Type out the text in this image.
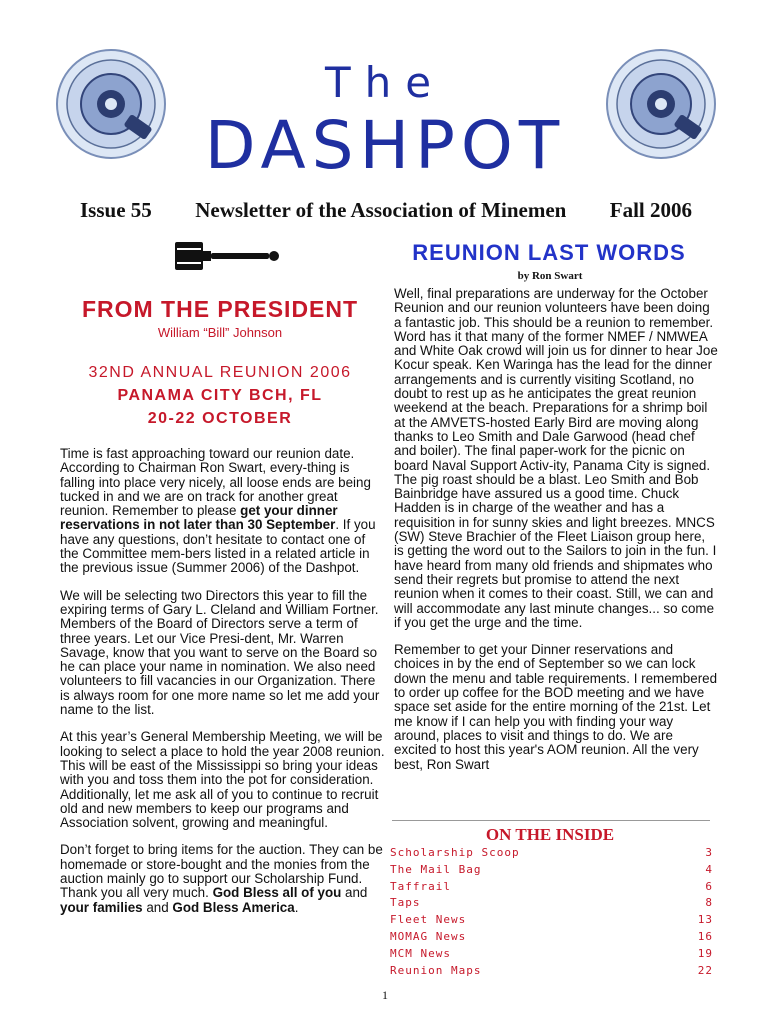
The
DASHPOT
Issue 55 Newsletter of the Association of Minemen Fall 2006
REUNION LAST WORDS
by Ron Swart

Well, final preparations are underway for the October Reunion and our reunion volunteers have been doing a fantastic job. This should be a reunion to remember. Word has it that many of the former NMEF / NMWEA and White Oak crowd will join us for dinner to hear Joe Kocur speak. Ken Waringa has the lead for the dinner arrangements and is currently visiting Scotland, no doubt to rest up as he anticipates the great reunion weekend at the beach. Preparations for a shrimp boil at the AMVETS-hosted Early Bird are moving along thanks to Leo Smith and Dale Garwood (head chef and boiler). The final paper-work for the picnic on board Naval Support Activ-ity, Panama City is signed. The pig roast should be a blast. Leo Smith and Bob Bainbridge have assured us a good time. Chuck Hadden is in charge of the weather and has a requisition in for sunny skies and light breezes. MNCS (SW) Steve Brachier of the Fleet Liaison group here, is getting the word out to the Sailors to join in the fun. I have heard from many old friends and shipmates who send their regrets but promise to attend the next reunion when it comes to their coast. Still, we can and will accommodate any last minute changes... so come if you get the urge and the time.

Remember to get your Dinner reservations and choices in by the end of September so we can lock down the menu and table requirements. I remembered to order up coffee for the BOD meeting and we have space set aside for the entire morning of the 21st. Let me know if I can help you with finding your way around, places to visit and things to do. We are excited to host this year's AOM reunion. All the very best, Ron Swart

FROM THE PRESIDENT
William “Bill” Johnson
32ND ANNUAL REUNION 2006
PANAMA CITY BCH, FL
20-22 OCTOBER

Time is fast approaching toward our reunion date. According to Chairman Ron Swart, every-thing is falling into place very nicely, all loose ends are being tucked in and we are on track for another great reunion. Remember to please get your dinner reservations in not later than 30 September. If you have any questions, don’t hesitate to contact one of the Committee mem-bers listed in a related article in the previous issue (Summer 2006) of the Dashpot.

We will be selecting two Directors this year to fill the expiring terms of Gary L. Cleland and William Fortner. Members of the Board of Directors serve a term of three years. Let our Vice Presi-dent, Mr. Warren Savage, know that you want to serve on the Board so he can place your name in nomination. We also need volunteers to fill vacancies in our Organization. There is always room for one more name so let me add your name to the list.

At this year’s General Membership Meeting, we will be looking to select a place to hold the year 2008 reunion. This will be east of the Mississippi so bring your ideas with you and toss them into the pot for consideration. Additionally, let me ask all of you to continue to recruit old and new members to keep our programs and Association solvent, growing and meaningful.

Don’t forget to bring items for the auction. They can be homemade or store-bought and the monies from the auction mainly go to support our Scholarship Fund. Thank you all very much. God Bless all of you and your families and God Bless America.

ON THE INSIDE
Scholarship Scoop	3
The Mail Bag	4
Taffrail	6
Taps	8
Fleet News	13
MOMAG News	16
MCM News	19
Reunion Maps	22
1
